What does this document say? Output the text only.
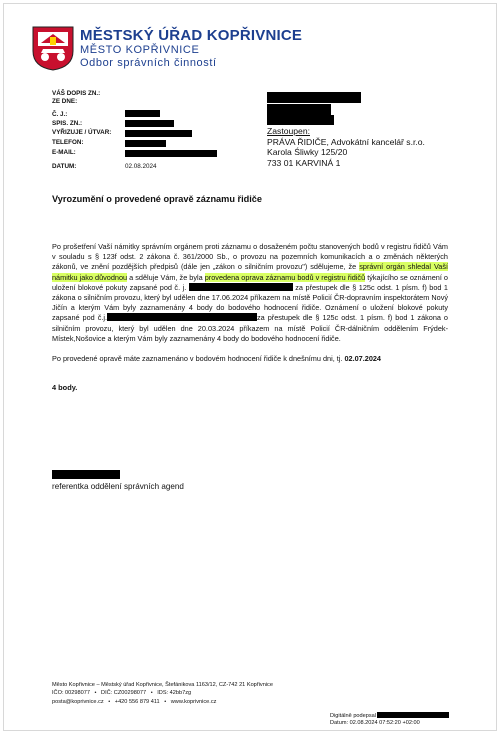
MĚSTSKÝ ÚŘAD KOPŘIVNICE
MĚSTO KOPŘIVNICE
Odbor správních činností
VÁŠ DOPIS ZN.:
ZE DNE:
Č. J.:
SPIS. ZN.:
VYŘIZUJE / ÚTVAR:
TELEFON:
E-MAIL:
DATUM:	02.08.2024
Zastoupen:
PRÁVA ŘIDIČE, Advokátní kancelář s.r.o.
Karola Śliwky 125/20
733 01 KARVINÁ 1
Vyrozumění o provedené opravě záznamu řidiče

Po prošetření Vaší námitky správním orgánem proti záznamu o dosaženém počtu stanovených bodů v registru řidičů Vám v souladu s § 123f odst. 2 zákona č. 361/2000 Sb., o provozu na pozemních komunikacích a o změnách některých zákonů, ve znění pozdějších předpisů (dále jen „zákon o silničním provozu") sdělujeme, že správní orgán shledal Vaší námitku jako důvodnou a sděluje Vám, že byla provedena oprava záznamu bodů v registru řidičů týkajícího se oznámení o uložení blokové pokuty zapsané pod č. j.	za přestupek dle § 125c odst. 1 písm. f) bod 1 zákona o silničním provozu, který byl udělen dne 17.06.2024 příkazem na místě Policií ČR-dopravním inspektorátem Nový Jičín a kterým Vám byly zaznamenány 4 body do bodového hodnocení řidiče. Oznámení o uložení blokové pokuty zapsané pod č.j.	za přestupek dle § 125c odst. 1 písm. f) bod 1 zákona o silničním provozu, který byl udělen dne 20.03.2024 příkazem na místě Policií ČR-dálničním oddělením Frýdek-Místek,Nošovice a kterým Vám byly zaznamenány 4 body do bodového hodnocení řidiče.

Po provedené opravě máte zaznamenáno v bodovém hodnocení řidiče k dnešnímu dni, tj. 02.07.2024

4 body.
referentka oddělení správních agend
Město Kopřivnice – Městský úřad Kopřivnice, Štefánikova 1163/12, CZ-742 21 Kopřivnice
IČO: 00298077 • DIČ: CZ00298077 • IDS: 42bb7zg
posta@koprivnice.cz • +420 556 879 411 • www.koprivnice.cz
Digitálně podepsal
Datum: 02.08.2024 07:52:20 +02:00
